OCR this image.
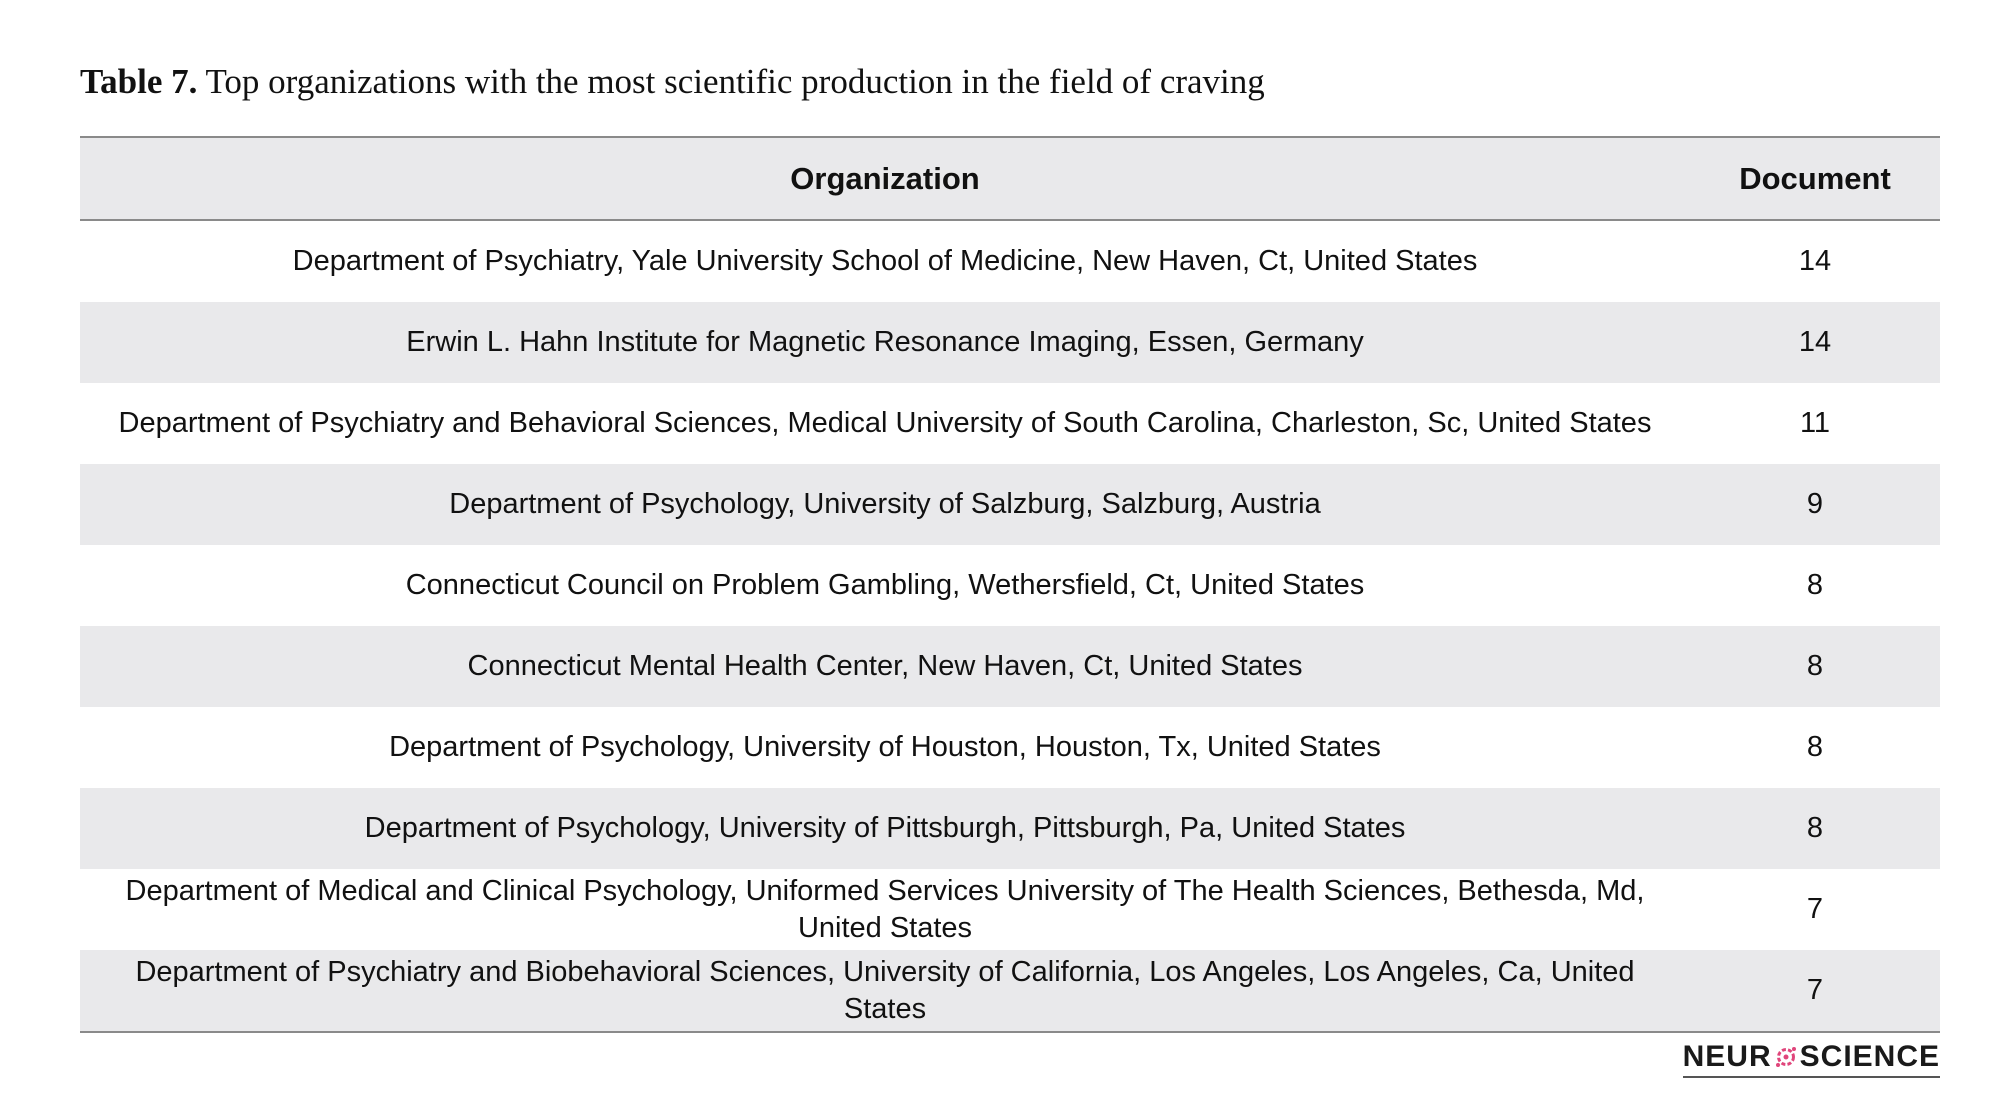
Table 7. Top organizations with the most scientific production in the field of craving
Organization	Document
Department of Psychiatry, Yale University School of Medicine, New Haven, Ct, United States	14
Erwin L. Hahn Institute for Magnetic Resonance Imaging, Essen, Germany	14
Department of Psychiatry and Behavioral Sciences, Medical University of South Carolina, Charleston, Sc, United States	11
Department of Psychology, University of Salzburg, Salzburg, Austria	9
Connecticut Council on Problem Gambling, Wethersfield, Ct, United States	8
Connecticut Mental Health Center, New Haven, Ct, United States	8
Department of Psychology, University of Houston, Houston, Tx, United States	8
Department of Psychology, University of Pittsburgh, Pittsburgh, Pa, United States	8
Department of Medical and Clinical Psychology, Uniformed Services University of The Health Sciences, Bethesda, Md, United States	7
Department of Psychiatry and Biobehavioral Sciences, University of California, Los Angeles, Los Angeles, Ca, United States	7
NEUR SCIENCE
